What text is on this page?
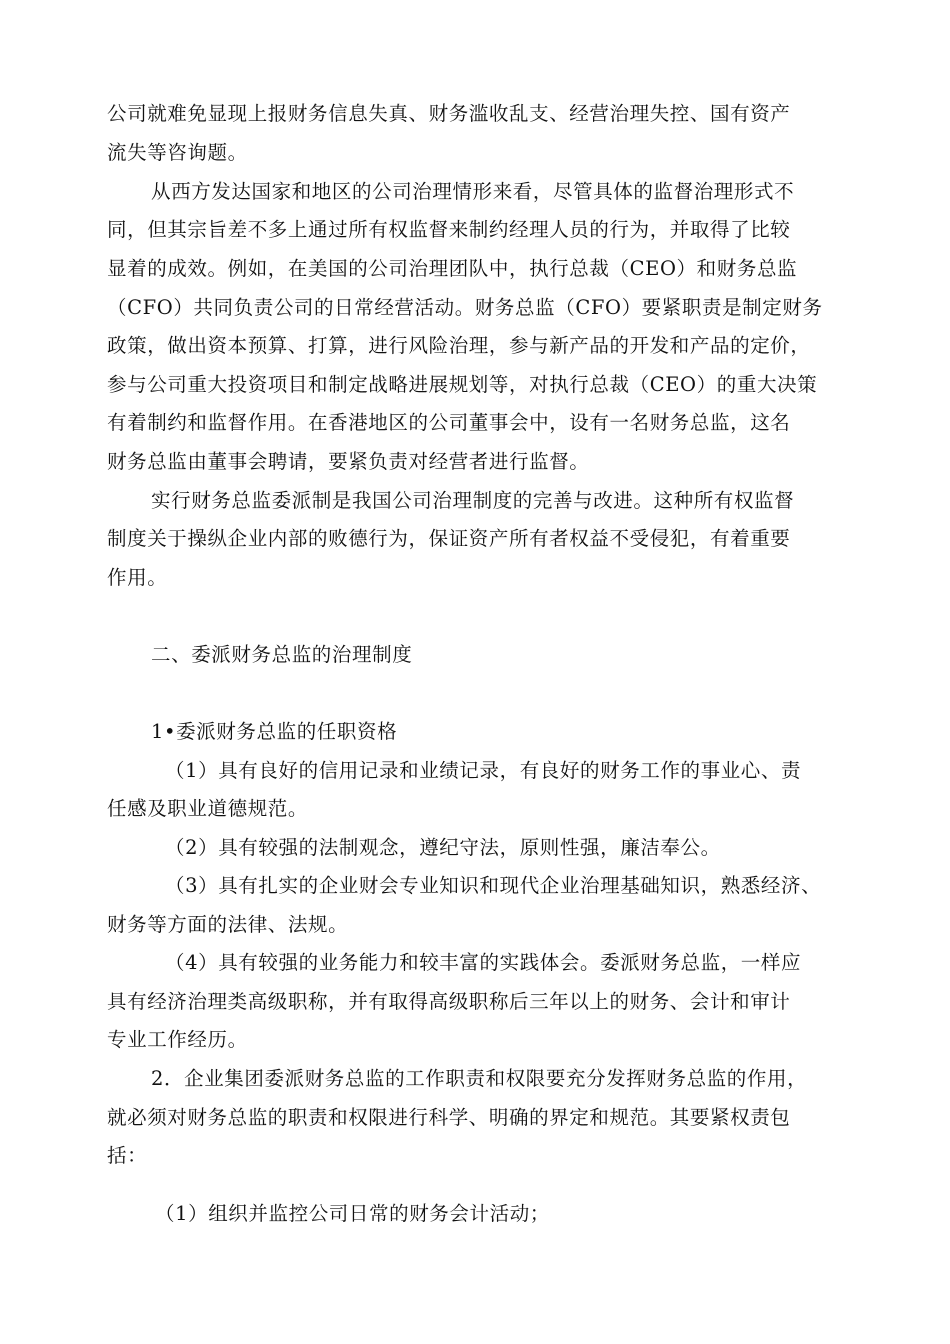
公司就难免显现上报财务信息失真、财务滥收乱支、经营治理失控、国有资产
流失等咨询题。
从西方发达国家和地区的公司治理情形来看，尽管具体的监督治理形式不
同，但其宗旨差不多上通过所有权监督来制约经理人员的行为，并取得了比较
显着的成效。例如，在美国的公司治理团队中，执行总裁（CEO）和财务总监
（CFO）共同负责公司的日常经营活动。财务总监（CFO）要紧职责是制定财务
政策，做出资本预算、打算，进行风险治理，参与新产品的开发和产品的定价，
参与公司重大投资项目和制定战略进展规划等，对执行总裁（CEO）的重大决策
有着制约和监督作用。在香港地区的公司董事会中，设有一名财务总监，这名
财务总监由董事会聘请，要紧负责对经营者进行监督。
实行财务总监委派制是我国公司治理制度的完善与改进。这种所有权监督
制度关于操纵企业内部的败德行为，保证资产所有者权益不受侵犯，有着重要
作用。
二、委派财务总监的治理制度
1•委派财务总监的任职资格
（1）具有良好的信用记录和业绩记录，有良好的财务工作的事业心、责
任感及职业道德规范。
（2）具有较强的法制观念，遵纪守法，原则性强，廉洁奉公。
（3）具有扎实的企业财会专业知识和现代企业治理基础知识，熟悉经济、
财务等方面的法律、法规。
（4）具有较强的业务能力和较丰富的实践体会。委派财务总监，一样应
具有经济治理类高级职称，并有取得高级职称后三年以上的财务、会计和审计
专业工作经历。
2．企业集团委派财务总监的工作职责和权限要充分发挥财务总监的作用，
就必须对财务总监的职责和权限进行科学、明确的界定和规范。其要紧权责包
括：
（1）组织并监控公司日常的财务会计活动；
